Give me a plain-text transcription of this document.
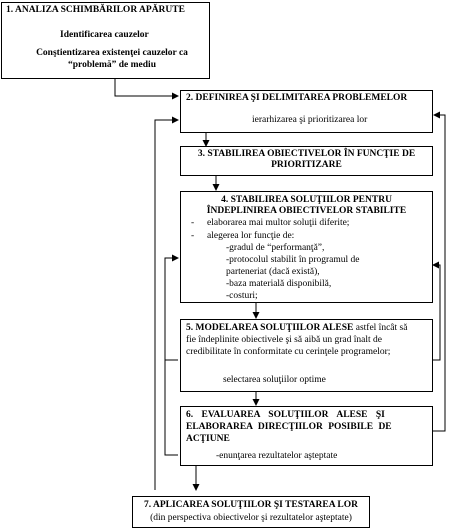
1. ANALIZA SCHIMBĂRILOR APĂRUTE
Identificarea cauzelor
Conştientizarea existenţei cauzelor ca
“problemă” de mediu
2. DEFINIREA ŞI DELIMITAREA PROBLEMELOR
ierarhizarea şi prioritizarea lor
3. STABILIREA OBIECTIVELOR ÎN FUNCŢIE DE
PRIORITIZARE
4. STABILIREA SOLUŢIILOR PENTRU
ÎNDEPLINIREA OBIECTIVELOR STABILITE
- elaborarea mai multor soluţii diferite;
- alegerea lor funcţie de:
-gradul de “performanţă”,
-protocolul stabilit în programul de
parteneriat (dacă există),
-baza materială disponibilă,
-costuri;
5. MODELAREA SOLUŢIILOR ALESE astfel încât să
fie îndeplinite obiectivele şi să aibă un grad înalt de
credibilitate în conformitate cu cerinţele programelor;
selectarea soluţiilor optime
6. EVALUAREA SOLUŢIILOR ALESE ŞI
ELABORAREA DIRECŢIILOR POSIBILE DE
ACŢIUNE
-enunţarea rezultatelor aşteptate
7. APLICAREA SOLUŢIILOR ŞI TESTAREA LOR
(din perspectiva obiectivelor şi rezultatelor aşteptate)
